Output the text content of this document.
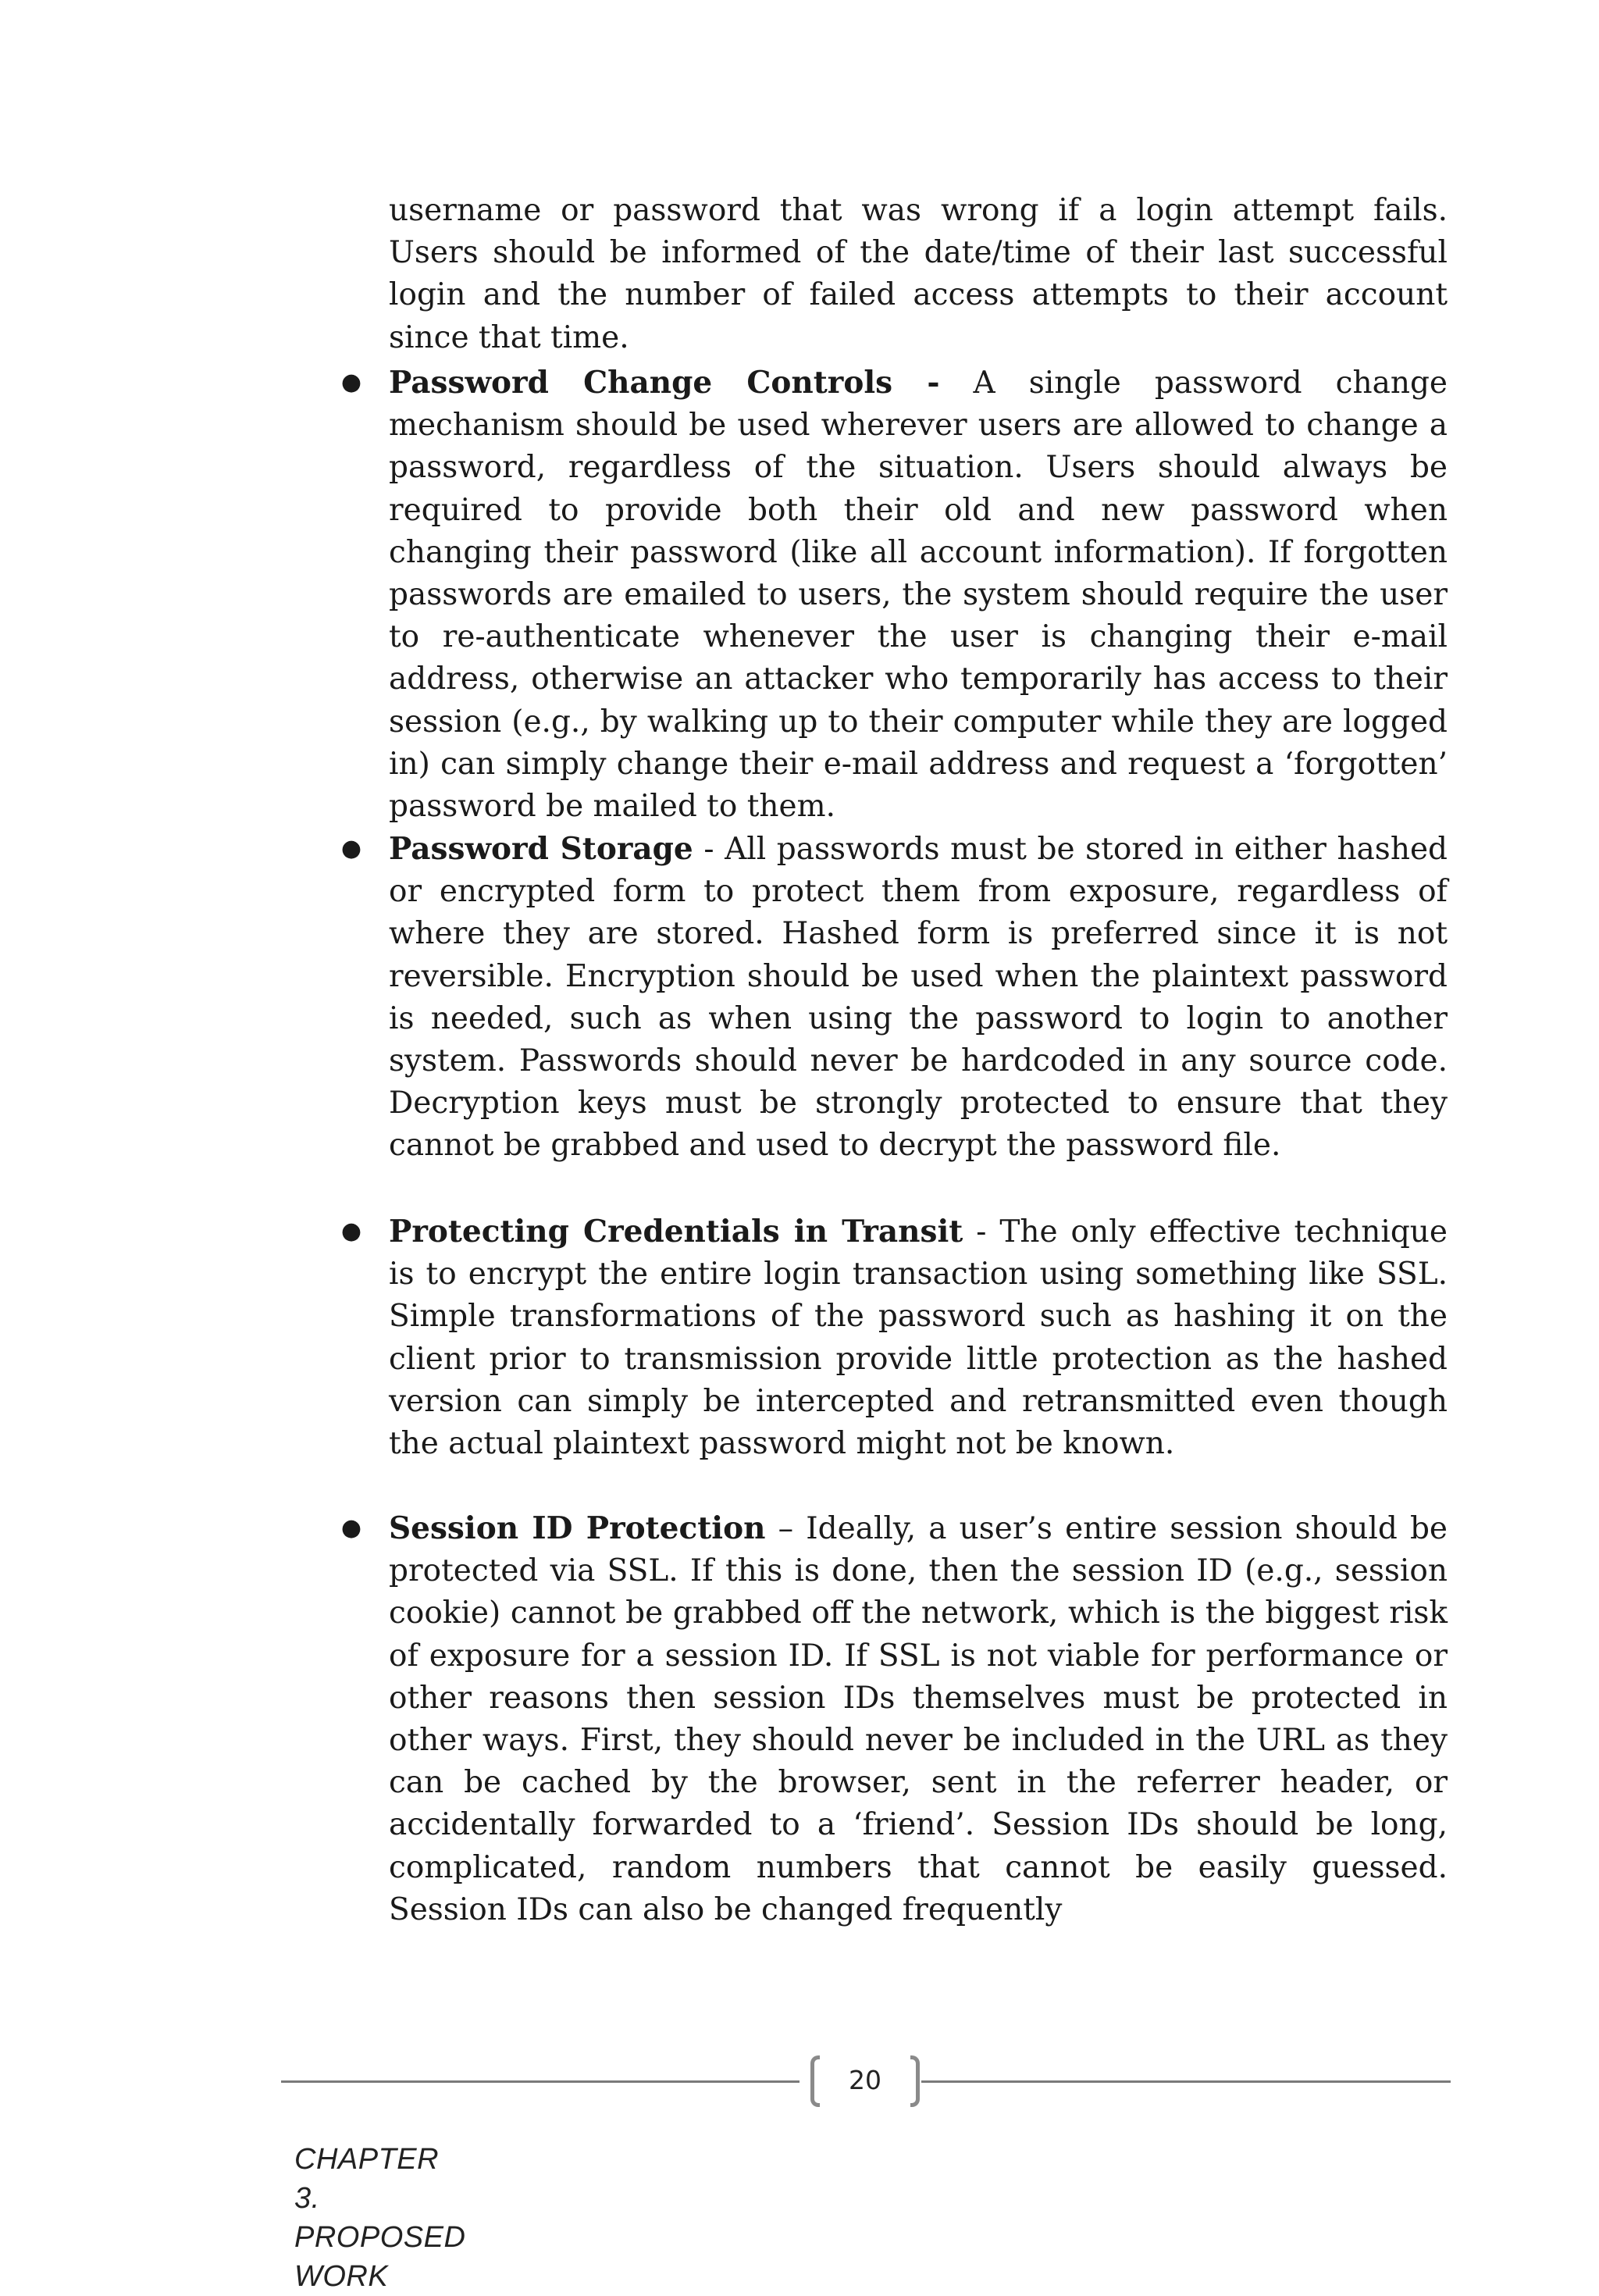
username or password that was wrong if a login attempt fails. Users should be informed of the date/time of their last successful login and the number of failed access attempts to their account since that time.

● Password Change Controls - A single password change mechanism should be used wherever users are allowed to change a password, regardless of the situation. Users should always be required to provide both their old and new password when changing their password (like all account information). If forgotten passwords are emailed to users, the system should require the user to re-authenticate whenever the user is changing their e-mail address, otherwise an attacker who temporarily has access to their session (e.g., by walking up to their computer while they are logged in) can simply change their e-mail address and request a ‘forgotten’ password be mailed to them.
● Password Storage - All passwords must be stored in either hashed or encrypted form to protect them from exposure, regardless of where they are stored. Hashed form is preferred since it is not reversible. Encryption should be used when the plaintext password is needed, such as when using the password to login to another system. Passwords should never be hardcoded in any source code. Decryption keys must be strongly protected to ensure that they cannot be grabbed and used to decrypt the password file.
● Protecting Credentials in Transit - The only effective technique is to encrypt the entire login transaction using something like SSL. Simple transformations of the password such as hashing it on the client prior to transmission provide little protection as the hashed version can simply be intercepted and retransmitted even though the actual plaintext password might not be known.
● Session ID Protection – Ideally, a user’s entire session should be protected via SSL. If this is done, then the session ID (e.g., session cookie) cannot be grabbed off the network, which is the biggest risk of exposure for a session ID. If SSL is not viable for performance or other reasons then session IDs themselves must be protected in other ways. First, they should never be included in the URL as they can be cached by the browser, sent in the referrer header, or accidentally forwarded to a ‘friend’. Session IDs should be long, complicated, random numbers that cannot be easily guessed. Session IDs can also be changed frequently
20
CHAPTER 3. PROPOSED WORK
